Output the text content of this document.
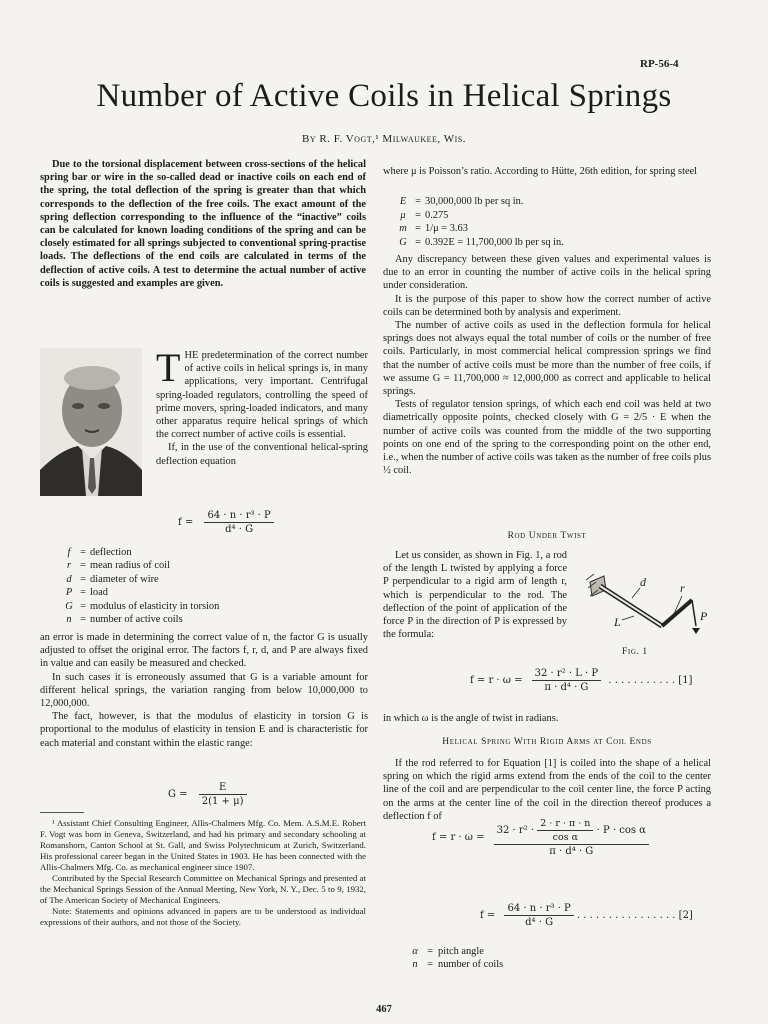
RP-56-4
Number of Active Coils in Helical Springs
By R. F. Vogt,¹ Milwaukee, Wis.
Due to the torsional displacement between cross-sections of the helical spring bar or wire in the so-called dead or inactive coils on each end of the spring, the total deflection of the spring is greater than that which corresponds to the deflection of the free coils. The exact amount of the spring deflection corresponding to the influence of the “inactive” coils can be calculated for known loading conditions of the spring and can be closely estimated for all springs subjected to conventional spring-practise loads. The deflections of the end coils are calculated in terms of the deflection of active coils. A test to determine the actual number of active coils is suggested and examples are given.
T HE predetermination of the correct number of active coils in helical springs is, in many applications, very important. Centrifugal spring-loaded regulators, controlling the speed of prime movers, spring-loaded indicators, and many other apparatus require helical springs of which the correct number of active coils is essential.

If, in the use of the conventional helical-spring deflection equation

$f = \frac{\text{64 · n · r³ · P}}{\text{d⁴ · G}}$
f = deflection
r = mean radius of coil
d = diameter of wire
P = load
G = modulus of elasticity in torsion
n = number of active coils

an error is made in determining the correct value of n, the factor G is usually adjusted to offset the original error. The factors f, r, d, and P are always fixed in value and can easily be measured and checked.

In such cases it is erroneously assumed that G is a variable amount for different helical springs, the variation ranging from below 10,000,000 to 12,000,000.

The fact, however, is that the modulus of elasticity in torsion G is proportional to the modulus of elasticity in tension E and is characteristic for each material and constant within the elastic range:

$G = \frac{E}{2(1 + \mu)}$

¹ Assistant Chief Consulting Engineer, Allis-Chalmers Mfg. Co. Mem. A.S.M.E. Robert F. Vogt was born in Geneva, Switzerland, and had his primary and secondary schooling at Romanshorn, Canton School at St. Gall, and Swiss Polytechnicum at Zurich, Switzerland. His professional career began in the United States in 1903. He has been connected with the Allis-Chalmers Mfg. Co. as mechanical engineer since 1907.

Contributed by the Special Research Committee on Mechanical Springs and presented at the Mechanical Springs Session of the Annual Meeting, New York, N. Y., Dec. 5 to 9, 1932, of The American Society of Mechanical Engineers.

Note: Statements and opinions advanced in papers are to be understood as individual expressions of their authors, and not those of the Society.

where μ is Poisson’s ratio. According to Hütte, 26th edition, for spring steel
E = 30,000,000 lb per sq in.
μ = 0.275
m = 1/μ = 3.63
G = 0.392E = 11,700,000 lb per sq in.

Any discrepancy between these given values and experimental values is due to an error in counting the number of active coils in the helical spring under consideration.

It is the purpose of this paper to show how the correct number of active coils can be determined both by analysis and experiment.

The number of active coils as used in the deflection formula for helical springs does not always equal the total number of coils or the number of free coils. Particularly, in most commercial helical compression springs we find that the number of active coils must be more than the number of free coils, if we assume G = 11,700,000 ≈ 12,000,000 as correct and applicable to helical springs.

Tests of regulator tension springs, of which each end coil was held at two diametrically opposite points, checked closely with G = 2/5 · E when the number of active coils was counted from the middle of the two supporting points on one end of the spring to the corresponding point on the other end, i.e., when the number of active coils was taken as the number of free coils plus ½ coil.

Rod Under Twist

Let us consider, as shown in Fig. 1, a rod of the length L twisted by applying a force P perpendicular to a rigid arm of length r, which is perpendicular to the rod. The deflection of the point of application of the force P in the direction of P is expressed by the formula:

d	r
L	P
Fig. 1
$f = r \cdot \omega = \frac{\text{32 · r² · L · P}}{\text{π · d⁴ · G}}$ . . . . . . . . . . . [1]
in which ω is the angle of twist in radians.
Helical Spring With Rigid Arms at Coil Ends

If the rod referred to for Equation [1] is coiled into the shape of a helical spring on which the rigid arms extend from the ends of the coil to the center line of the coil and are perpendicular to the coil center line, the force P acting on the arms at the center line of the coil in the direction thereof produces a deflection f of

f = r · ω =
$32 \cdot r^2 \cdot \frac{2 \cdot r \cdot \pi \cdot n}{\text{cos α}} \cdot P \cdot \cos \alpha$
π · d⁴ · G
$f = \frac{\text{64 · n · r³ · P}}{\text{d⁴ · G}}$ . . . . . . . . . . . . . . . . [2]
α = pitch angle
n = number of coils
467
